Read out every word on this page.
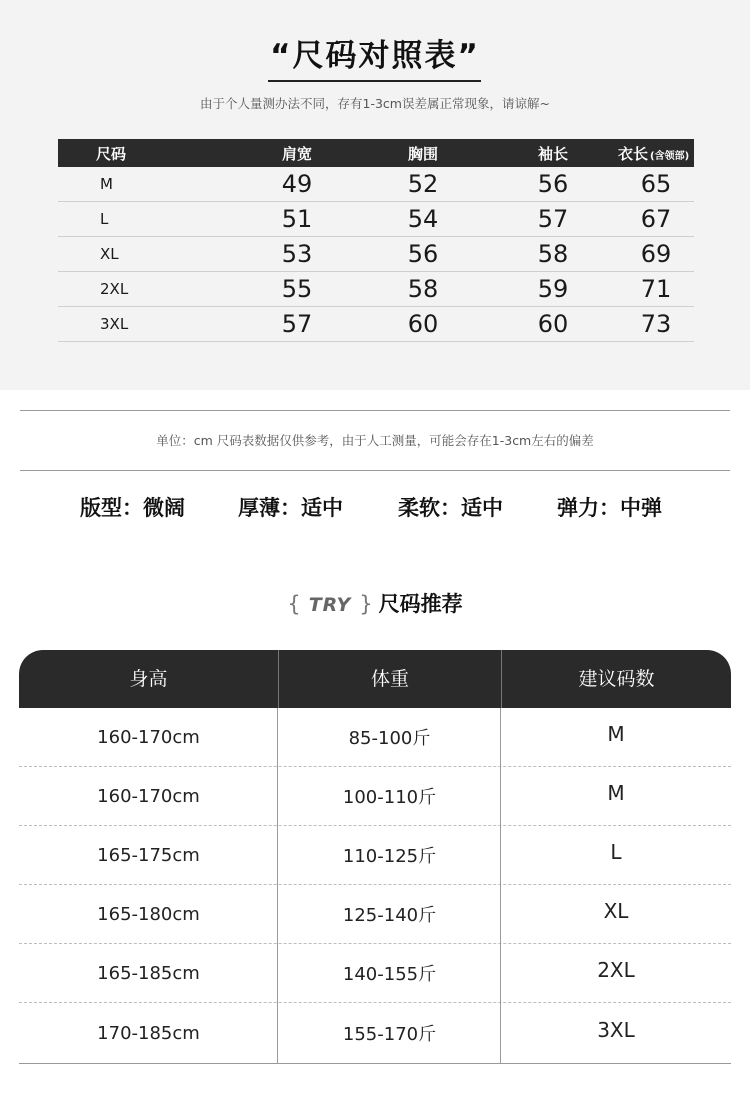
“尺码对照表”
由于个人量测办法不同，存有1-3cm误差属正常现象，请谅解~
尺码	肩宽	胸围	袖长	衣长 (含领部)
M	49	52	56	65
L	51	54	57	67
XL	53	56	58	69
2XL	55	58	59	71
3XL	57	60	60	73
单位：cm 尺码表数据仅供参考，由于人工测量，可能会存在1-3cm左右的偏差
版型：微阔	厚薄：适中	柔软：适中	弹力：中弹
{ TRY } 尺码推荐
身高	体重	建议码数
160-170cm	85-100斤	M
160-170cm	100-110斤	M
165-175cm	110-125斤	L
165-180cm	125-140斤	XL
165-185cm	140-155斤	2XL
170-185cm	155-170斤	3XL
